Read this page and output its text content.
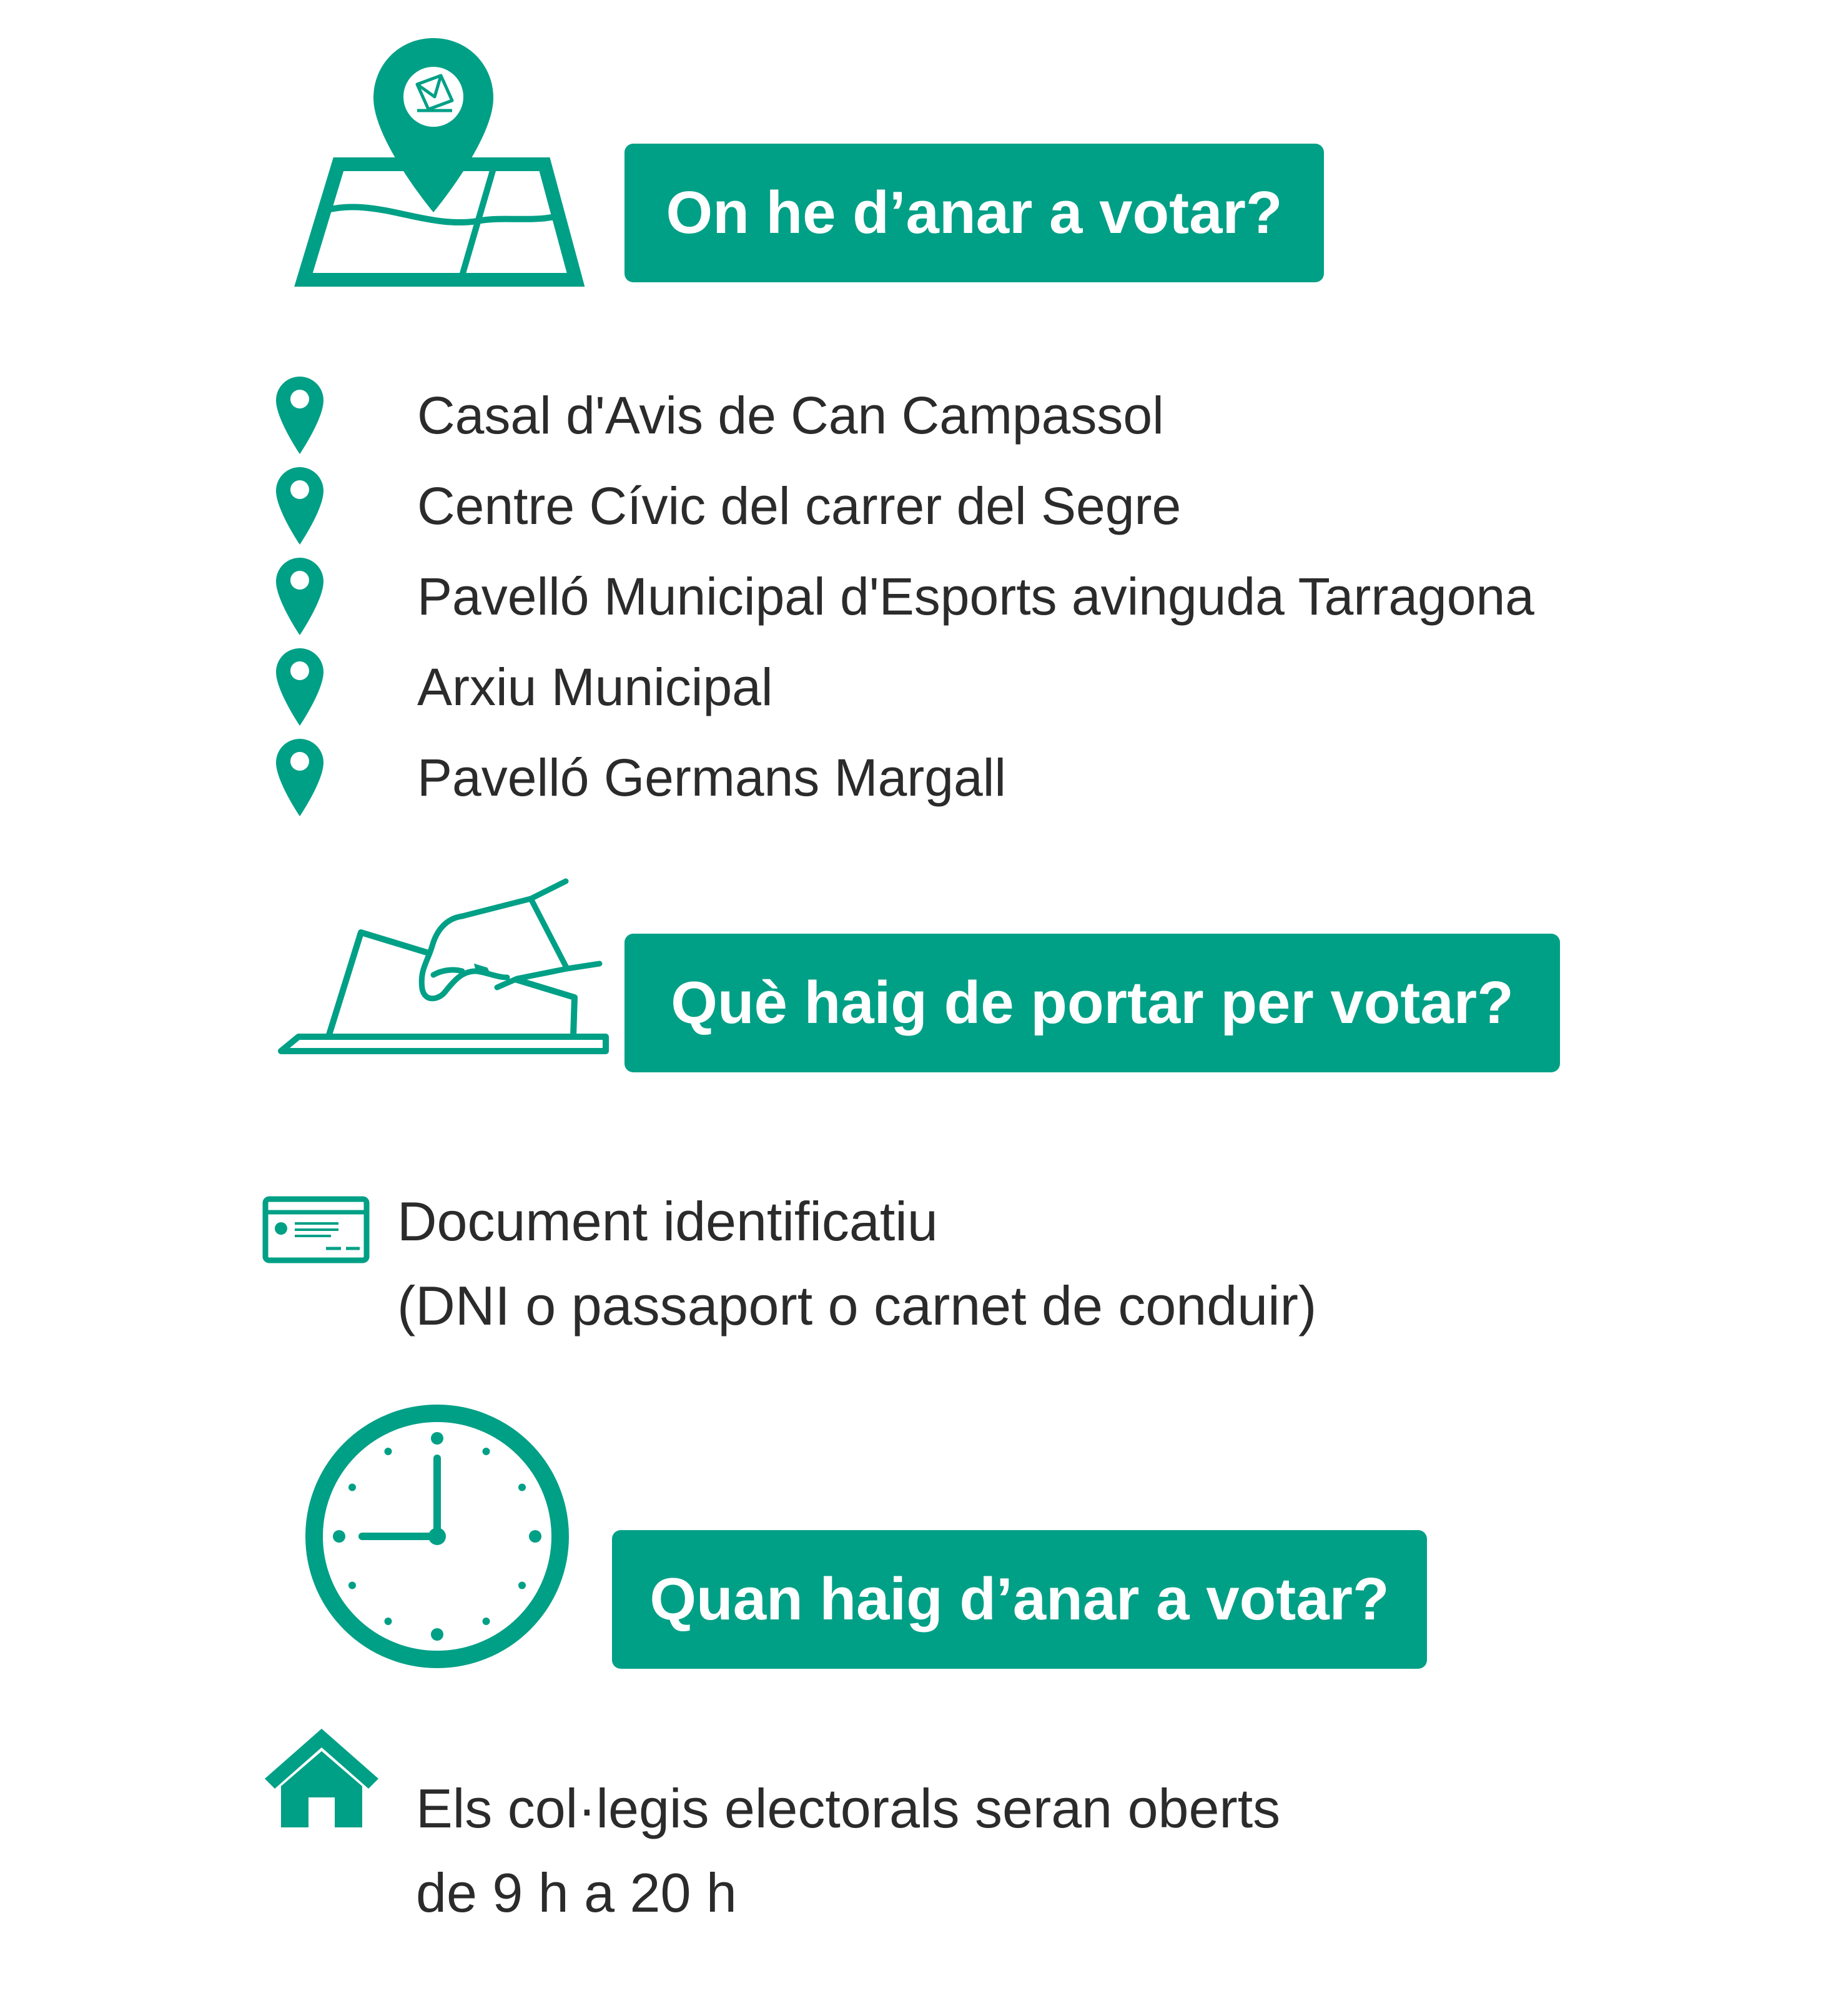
On he d’anar a votar?
Casal d'Avis de Can Campassol
Centre Cívic del carrer del Segre
Pavelló Municipal d'Esports avinguda Tarragona
Arxiu Municipal
Pavelló Germans Margall
Què haig de portar per votar?
Document identificatiu
(DNI o passaport o carnet de conduir)
Quan haig d’anar a votar?
Els col·legis electorals seran oberts
de 9 h a 20 h
